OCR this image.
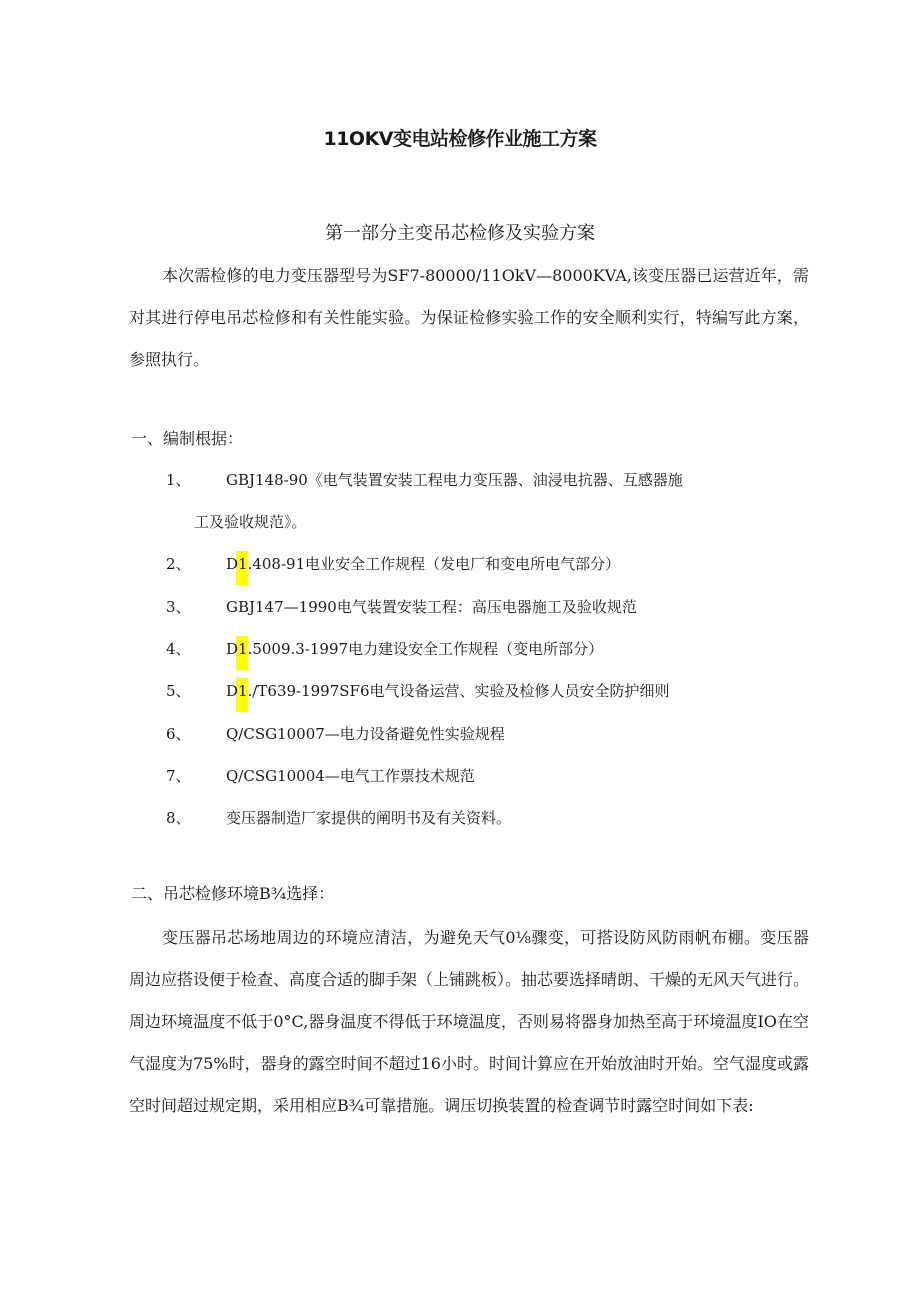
11OKV变电站检修作业施工方案
第一部分主变吊芯检修及实验方案
本次需检修的电力变压器型号为SF7-80000/11OkV—8000KVA,该变压器已运营近年，需对其进行停电吊芯检修和有关性能实验。为保证检修实验工作的安全顺利实行，特编写此方案，参照执行。
一、编制根据：
1、 GBJ148-90《电气装置安装工程电力变压器、油浸电抗器、互感器施
工及验收规范》。
2、 D1.408-91电业安全工作规程（发电厂和变电所电气部分）
3、 GBJ147—1990电气装置安装工程：高压电器施工及验收规范
4、 D1.5009.3-1997电力建设安全工作规程（变电所部分）
5、 D1./T639-1997SF6电气设备运营、实验及检修人员安全防护细则
6、 Q/CSG10007—电力设备避免性实验规程
7、 Q/CSG10004—电气工作票技术规范
8、 变压器制造厂家提供的阐明书及有关资料。
二、吊芯检修环境B¾选择：
变压器吊芯场地周边的环境应清洁，为避免天气0⅛骤变，可搭设防风防雨帆布棚。变压器周边应搭设便于检查、高度合适的脚手架（上铺跳板）。抽芯要选择晴朗、干燥的无风天气进行。周边环境温度不低于0°C,器身温度不得低于环境温度，否则易将器身加热至高于环境温度IO在空气湿度为75%时，器身的露空时间不超过16小时。时间计算应在开始放油时开始。空气湿度或露空时间超过规定期，采用相应B¾可靠措施。调压切换装置的检查调节时露空时间如下表:
